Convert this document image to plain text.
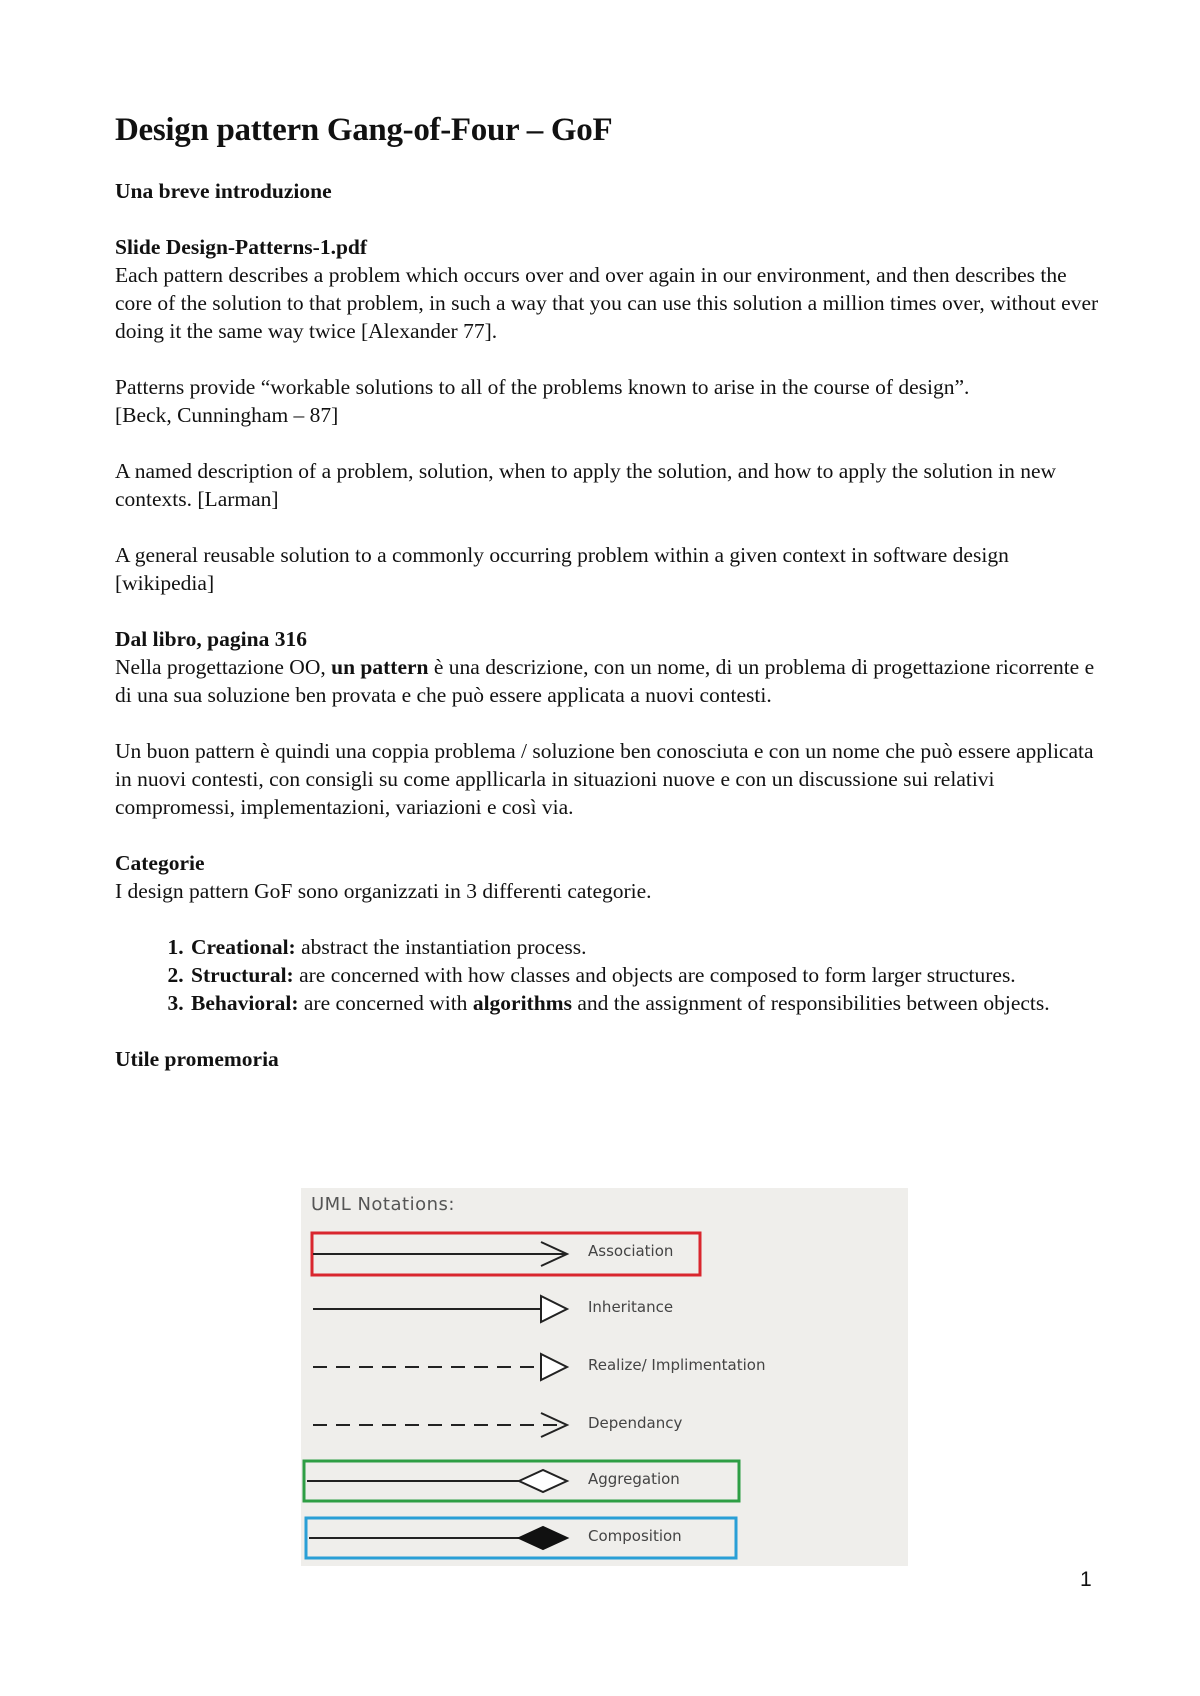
Design pattern Gang-of-Four – GoF

Una breve introduzione

Slide Design-Patterns-1.pdf

Each pattern describes a problem which occurs over and over again in our environment, and then describes the core of the solution to that problem, in such a way that you can use this solution a million times over, without ever doing it the same way twice [Alexander 77].

Patterns provide “workable solutions to all of the problems known to arise in the course of design”.

[Beck, Cunningham – 87]

A named description of a problem, solution, when to apply the solution, and how to apply the solution in new contexts. [Larman]

A general reusable solution to a commonly occurring problem within a given context in software design [wikipedia]

Dal libro, pagina 316

Nella progettazione OO, un pattern è una descrizione, con un nome, di un problema di progettazione ricorrente e di una sua soluzione ben provata e che può essere applicata a nuovi contesti.

Un buon pattern è quindi una coppia problema / soluzione ben conosciuta e con un nome che può essere applicata in nuovi contesti, con consigli su come appllicarla in situazioni nuove e con un discussione sui relativi compromessi, implementazioni, variazioni e così via.

Categorie

I design pattern GoF sono organizzati in 3 differenti categorie.

1. Creational: abstract the instantiation process.
2. Structural: are concerned with how classes and objects are composed to form larger structures.
3. Behavioral: are concerned with algorithms and the assignment of responsibilities between objects.

Utile promemoria

UML Notations:
Association
Inheritance
Realize/ Implimentation
Dependancy
Aggregation
Composition
1
